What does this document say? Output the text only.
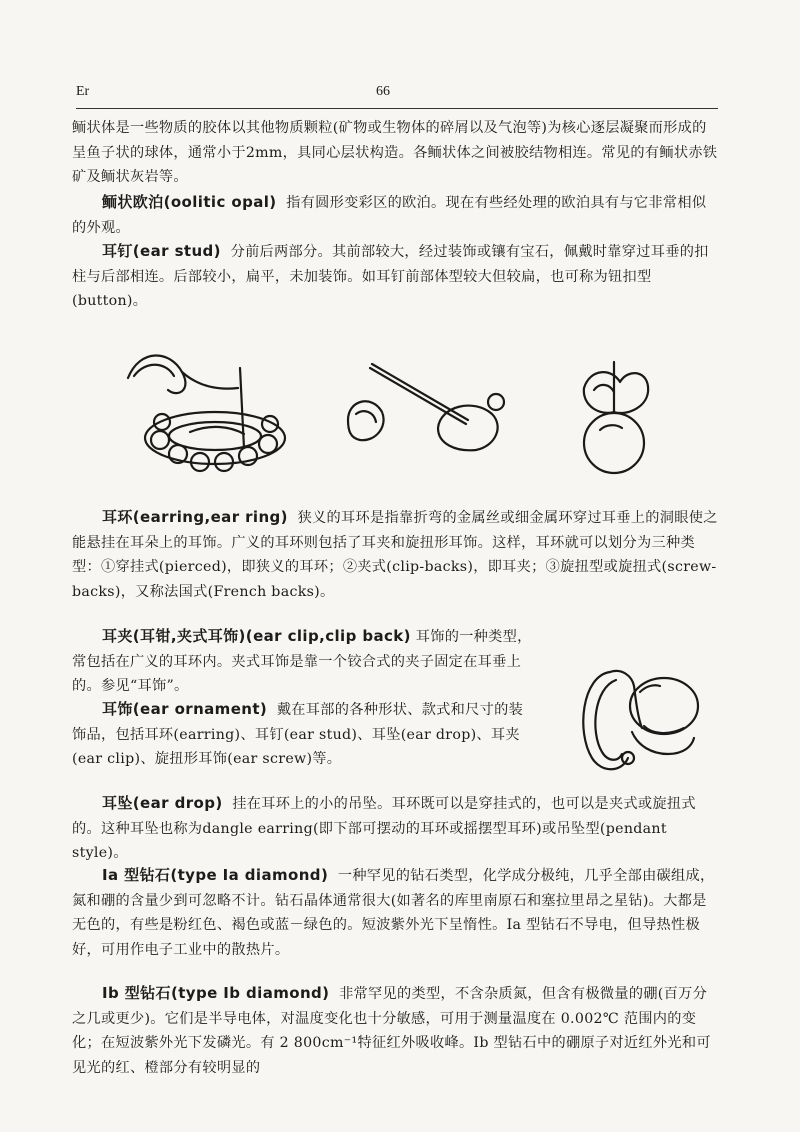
Er	66

鲕状体是一些物质的胶体以其他物质颗粒(矿物或生物体的碎屑以及气泡等)为核心逐层凝聚而形成的呈鱼子状的球体，通常小于2mm，具同心层状构造。各鲕状体之间被胶结物相连。常见的有鲕状赤铁矿及鲕状灰岩等。

鲕状欧泊(oolitic opal) 指有圆形变彩区的欧泊。现在有些经处理的欧泊具有与它非常相似的外观。

耳钉(ear stud) 分前后两部分。其前部较大，经过装饰或镶有宝石，佩戴时靠穿过耳垂的扣柱与后部相连。后部较小，扁平，未加装饰。如耳钉前部体型较大但较扁，也可称为钮扣型(button)。

耳环(earring,ear ring) 狭义的耳环是指靠折弯的金属丝或细金属环穿过耳垂上的洞眼使之能悬挂在耳朵上的耳饰。广义的耳环则包括了耳夹和旋扭形耳饰。这样，耳环就可以划分为三种类型：①穿挂式(pierced)，即狭义的耳环；②夹式(clip-backs)，即耳夹；③旋扭型或旋扭式(screw-backs)，又称法国式(French backs)。

耳夹(耳钳,夹式耳饰)(ear clip,clip back) 耳饰的一种类型，常包括在广义的耳环内。夹式耳饰是靠一个铰合式的夹子固定在耳垂上的。参见“耳饰”。

耳饰(ear ornament) 戴在耳部的各种形状、款式和尺寸的装饰品，包括耳环(earring)、耳钉(ear stud)、耳坠(ear drop)、耳夹(ear clip)、旋扭形耳饰(ear screw)等。

耳坠(ear drop) 挂在耳环上的小的吊坠。耳环既可以是穿挂式的，也可以是夹式或旋扭式的。这种耳坠也称为dangle earring(即下部可摆动的耳环或摇摆型耳环)或吊坠型(pendant style)。

Ⅰa 型钻石(type Ⅰa diamond) 一种罕见的钻石类型，化学成分极纯，几乎全部由碳组成，氮和硼的含量少到可忽略不计。钻石晶体通常很大(如著名的库里南原石和塞拉里昂之星钻)。大都是无色的，有些是粉红色、褐色或蓝－绿色的。短波紫外光下呈惰性。Ⅰa 型钻石不导电，但导热性极好，可用作电子工业中的散热片。

Ⅰb 型钻石(type Ⅰb diamond) 非常罕见的类型，不含杂质氮，但含有极微量的硼(百万分之几或更少)。它们是半导电体，对温度变化也十分敏感，可用于测量温度在 0.002℃ 范围内的变化；在短波紫外光下发磷光。有 2 800cm⁻¹特征红外吸收峰。Ⅰb 型钻石中的硼原子对近红外光和可见光的红、橙部分有较明显的
